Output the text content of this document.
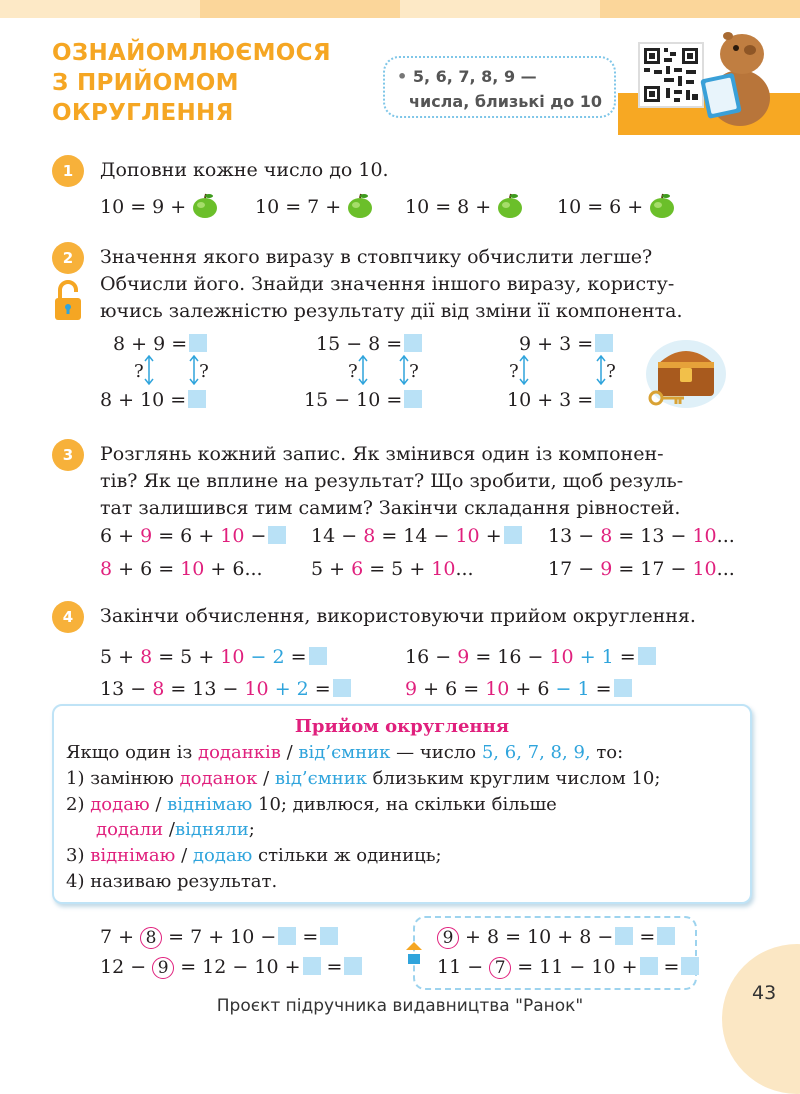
ОЗНАЙОМЛЮЄМОСЯ
З ПРИЙОМОМ
ОКРУГЛЕННЯ
• 5, 6, 7, 8, 9 —
числа, близькі до 10
1	Доповни кожне число до 10.
10 = 9 +	10 = 7 +	10 = 8 +	10 = 6 +
2	Значення якого виразу в стовпчику обчислити легше?
Обчисли його. Знайди значення іншого виразу, користу-
ючись залежністю результату дії від зміни її компонента.
8 + 9 =
8 + 10 =
?	?
15 − 8 =
15 − 10 =
?	?
9 + 3 =
10 + 3 =
?	?
3	Розглянь кожний запис. Як змінився один із компонен-
тів? Як це вплине на результат? Що зробити, щоб резуль-
тат залишився тим самим? Закінчи складання рівностей.
6 + 9 = 6 + 10 −	14 − 8 = 14 − 10 +	13 − 8 = 13 − 10...
8 + 6 = 10 + 6...	5 + 6 = 5 + 10...	17 − 9 = 17 − 10...
4	Закінчи обчислення, використовуючи прийом округлення.
5 + 8 = 5 + 10 − 2 =	16 − 9 = 16 − 10 + 1 =
13 − 8 = 13 − 10 + 2 =	9 + 6 = 10 + 6 − 1 =
Прийом округлення
Якщо один із доданків / від’ємник — число 5, 6, 7, 8, 9, то:
1) замінюю доданок / від’ємник близьким круглим числом 10;
2) додаю / віднімаю 10; дивлюся, на скільки більше
додали /відняли;
3) віднімаю / додаю стільки ж одиниць;
4) називаю результат.
7 + 8 = 7 + 10 − =
12 − 9 = 12 − 10 + =
9 + 8 = 10 + 8 − =
11 − 7 = 11 − 10 + =
43
Проєкт підручника видавництва "Ранок"
